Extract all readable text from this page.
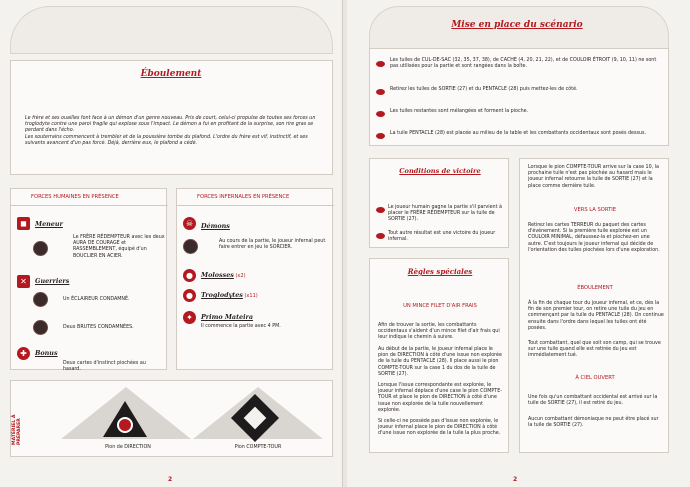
Éboulement
Le frère et ses ouailles font face à un démon d'un genre nouveau. Pris de court, celui-ci propulse de toutes ses forces un troglodyte contre une paroi fragile qui explose sous l'impact. Le démon a fui en profitant de la surprise, son rire gras se perdant dans l'écho.
Les souterrains commencent à trembler et de la poussière tombe du plafond. L'ordre du frère est vif, instinctif, et ses suivants avancent d'un pas forcé. Déjà, derrière eux, le plafond a cédé.
FORCES HUMAINES EN PRÉSENCE
◼	Meneur
Le FRÈRE RÉDEMPTEUR avec les deux AURA DE COURAGE et RASSEMBLEMENT, équipé d'un BOUCLIER EN ACIER.
✕	Guerriers
Un ÉCLAIREUR CONDAMNÉ.
Deux BRUTES CONDAMNÉES.
✚	Bonus
Deux cartes d'instinct piochées au hasard.
FORCES INFERNALES EN PRÉSENCE
☠	Démons
Au cours de la partie, le joueur infernal peut faire entrer en jeu le SORCIER.
●	Molosses (x2)
●	Troglodytes (x11)
✦	Primo Mateira
Il commence la partie avec 4 PM.
MATÉRIEL À PRÉPARER
Pion de DIRECTION	Pion COMPTE-TOUR
2
Mise en place du scénario
Les tuiles de CUL-DE-SAC (32, 35, 37, 38), de CACHE (4, 20, 21, 22), et de COULOIR ÉTROIT (9, 10, 11) ne sont pas utilisées pour la partie et sont rangées dans la boîte.
Retirez les tuiles de SORTIE (27) et du PENTACLE (28) puis mettez-les de côté.
Les tuiles restantes sont mélangées et forment la pioche.
La tuile PENTACLE (28) est placée au milieu de la table et les combattants occidentaux sont posés dessus.
Conditions de victoire
Le joueur humain gagne la partie s'il parvient à placer le FRÈRE RÉDEMPTEUR sur la tuile de SORTIE (27).
Tout autre résultat est une victoire du joueur infernal.
Règles spéciales
UN MINCE FILET D'AIR FRAIS
Afin de trouver la sortie, les combattants occidentaux s'aident d'un mince filet d'air frais qui leur indique le chemin à suivre.
Au début de la partie, le joueur infernal place le pion de DIRECTION à côté d'une issue non explorée de la tuile du PENTACLE (28). Il place aussi le pion COMPTE-TOUR sur la case 1 du dos de la tuile de SORTIE (27).
Lorsque l'issue correspondante est explorée, le joueur infernal déplace d'une case le pion COMPTE-TOUR et place le pion de DIRECTION à côté d'une issue non explorée de la tuile nouvellement explorée.
Si celle-ci ne possède pas d'issue non explorée, le joueur infernal place le pion de DIRECTION à côté d'une issue non explorée de la tuile la plus proche.
Lorsque le pion COMPTE-TOUR arrive sur la case 10, la prochaine tuile n'est pas piochée au hasard mais le joueur infernal retourne la tuile de SORTIE (27) et la place comme dernière tuile.
VERS LA SORTIE
Retirez les cartes TERREUR du paquet des cartes d'événement. Si la première tuile explorée est un COULOIR MINIMAL, défaussez-la et piochez-en une autre. C'est toujours le joueur infernal qui décide de l'orientation des tuiles piochées lors d'une exploration.
ÉBOULEMENT
À la fin de chaque tour du joueur infernal, et ce, dès la fin de son premier tour, on retire une tuile du jeu en commençant par la tuile du PENTACLE (28). On continue ensuite dans l'ordre dans lequel les tuiles ont été posées.
Tout combattant, quel que soit son camp, qui se trouve sur une tuile quand elle est retirée du jeu est immédiatement tué.
À CIEL OUVERT
Une fois qu'un combattant occidental est arrivé sur la tuile de SORTIE (27), il est retiré du jeu.
Aucun combattant démoniaque ne peut être placé sur la tuile de SORTIE (27).
2
